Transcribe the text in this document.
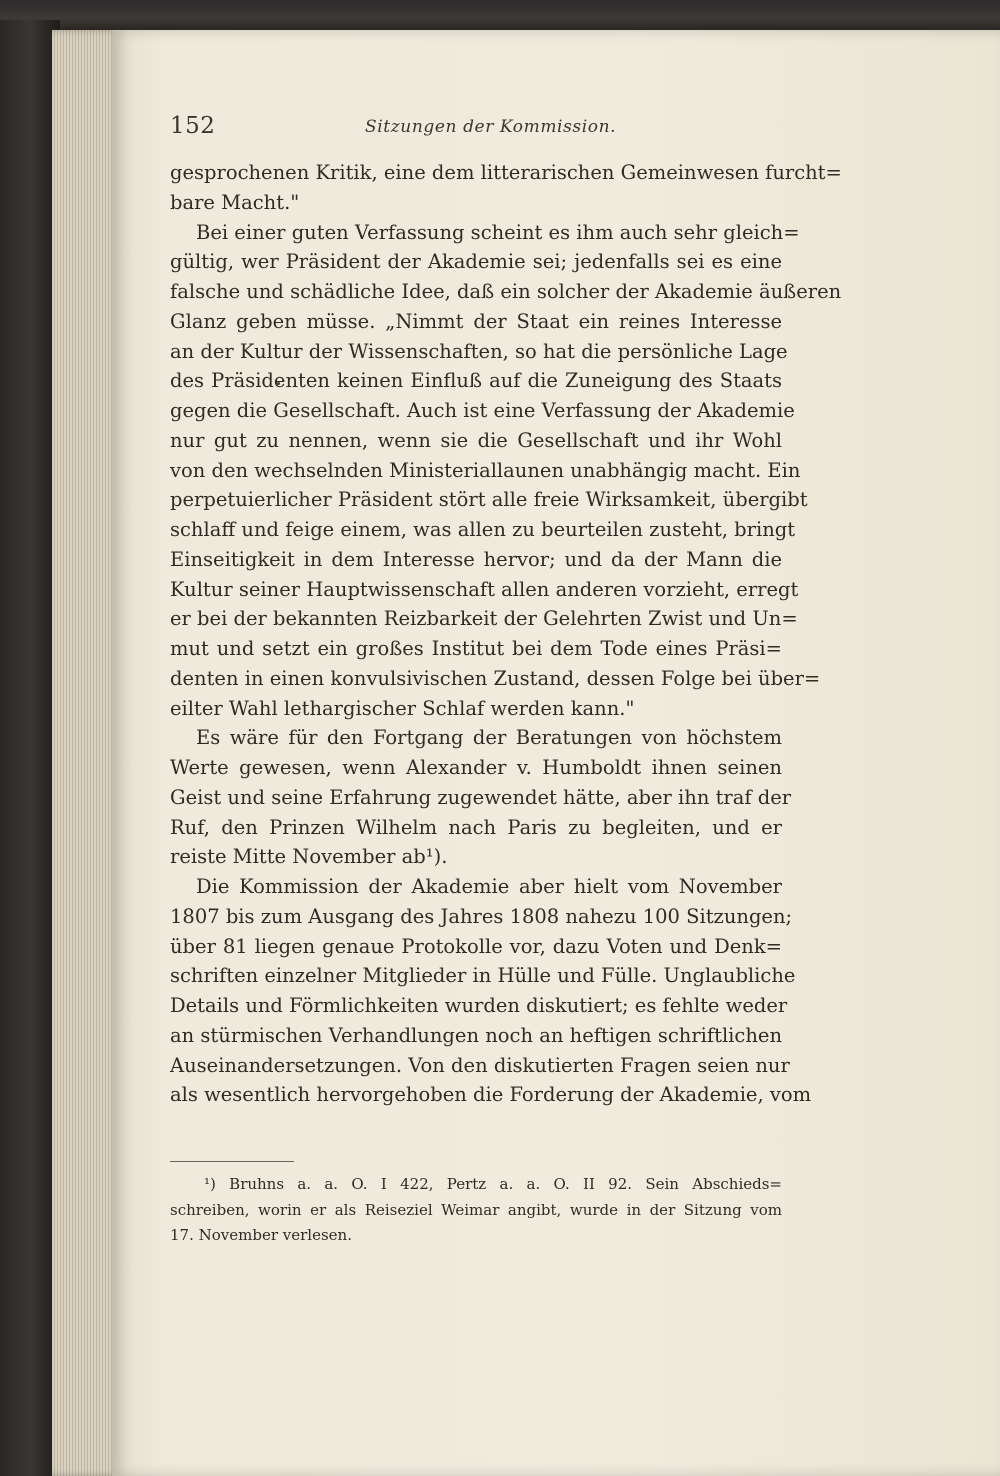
152	Sitzungen der Kommission.
gesprochenen Kritik, eine dem litterarischen Gemeinwesen furcht=
bare Macht."
Bei einer guten Verfassung scheint es ihm auch sehr gleich=
gültig, wer Präsident der Akademie sei; jedenfalls sei es eine
falsche und schädliche Idee, daß ein solcher der Akademie äußeren
Glanz geben müsse. „Nimmt der Staat ein reines Interesse
an der Kultur der Wissenschaften, so hat die persönliche Lage
des Präsidenten keinen Einfluß auf die Zuneigung des Staats
gegen die Gesellschaft. Auch ist eine Verfassung der Akademie
nur gut zu nennen, wenn sie die Gesellschaft und ihr Wohl
von den wechselnden Ministeriallaunen unabhängig macht. Ein
perpetuierlicher Präsident stört alle freie Wirksamkeit, übergibt
schlaff und feige einem, was allen zu beurteilen zusteht, bringt
Einseitigkeit in dem Interesse hervor; und da der Mann die
Kultur seiner Hauptwissenschaft allen anderen vorzieht, erregt
er bei der bekannten Reizbarkeit der Gelehrten Zwist und Un=
mut und setzt ein großes Institut bei dem Tode eines Präsi=
denten in einen konvulsivischen Zustand, dessen Folge bei über=
eilter Wahl lethargischer Schlaf werden kann."
Es wäre für den Fortgang der Beratungen von höchstem
Werte gewesen, wenn Alexander v. Humboldt ihnen seinen
Geist und seine Erfahrung zugewendet hätte, aber ihn traf der
Ruf, den Prinzen Wilhelm nach Paris zu begleiten, und er
reiste Mitte November ab¹).
Die Kommission der Akademie aber hielt vom November
1807 bis zum Ausgang des Jahres 1808 nahezu 100 Sitzungen;
über 81 liegen genaue Protokolle vor, dazu Voten und Denk=
schriften einzelner Mitglieder in Hülle und Fülle. Unglaubliche
Details und Förmlichkeiten wurden diskutiert; es fehlte weder
an stürmischen Verhandlungen noch an heftigen schriftlichen
Auseinandersetzungen. Von den diskutierten Fragen seien nur
als wesentlich hervorgehoben die Forderung der Akademie, vom
¹) Bruhns a. a. O. I 422, Pertz a. a. O. II 92. Sein Abschieds=
schreiben, worin er als Reiseziel Weimar angibt, wurde in der Sitzung vom
17. November verlesen.
